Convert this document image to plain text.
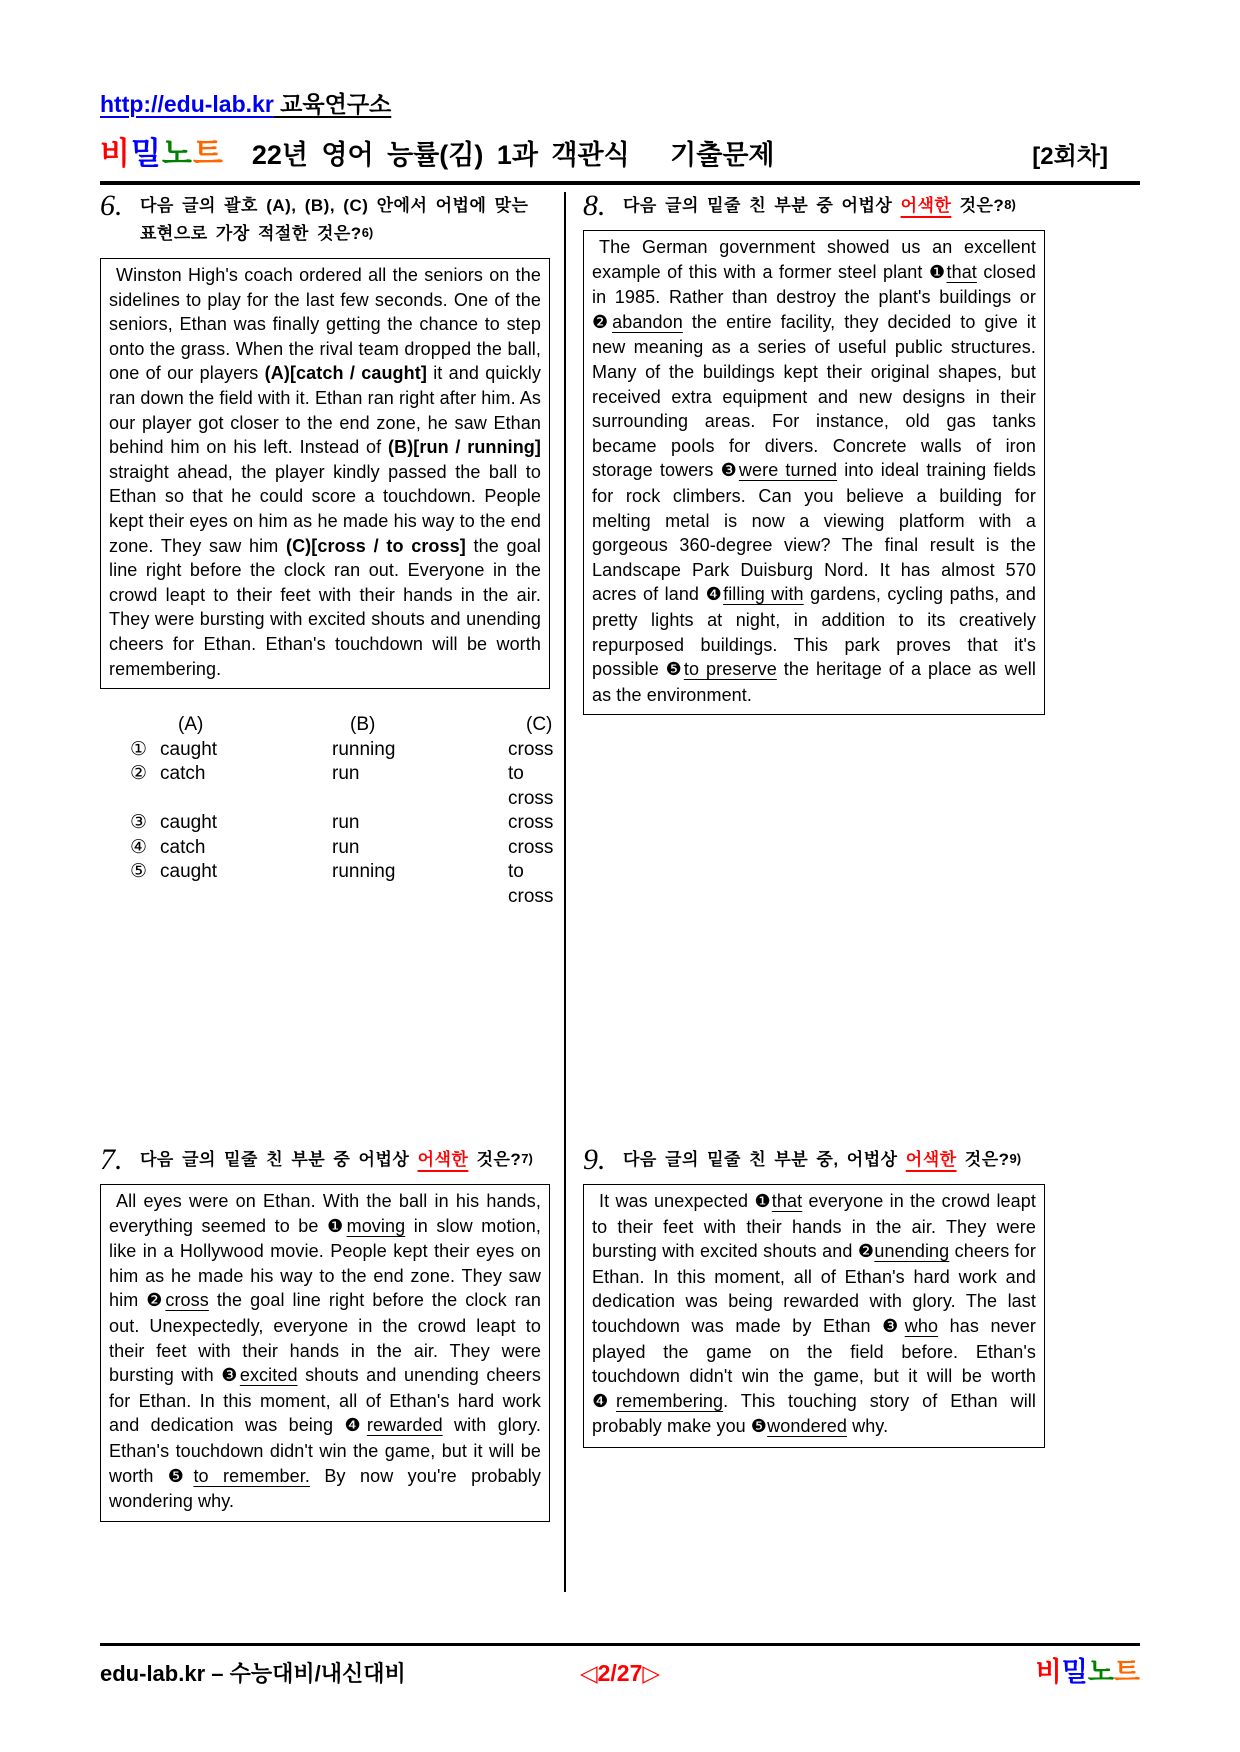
http://edu-lab.kr 교육연구소
비밀노트 22년 영어 능률(김) 1과 객관식   기출문제	[2회차]
6.	다음 글의 괄호 (A), (B), (C) 안에서 어법에 맞는 표현으로 가장 적절한 것은?6)
Winston High's coach ordered all the seniors on the sidelines to play for the last few seconds. One of the seniors, Ethan was finally getting the chance to step onto the grass. When the rival team dropped the ball, one of our players (A)[catch / caught] it and quickly ran down the field with it. Ethan ran right after him. As our player got closer to the end zone, he saw Ethan behind him on his left. Instead of (B)[run / running] straight ahead, the player kindly passed the ball to Ethan so that he could score a touchdown. People kept their eyes on him as he made his way to the end zone. They saw him (C)[cross / to cross] the goal line right before the clock ran out. Everyone in the crowd leapt to their feet with their hands in the air. They were bursting with excited shouts and unending cheers for Ethan. Ethan's touchdown will be worth remembering.
(A)	(B)	(C)
① caught	running	cross
② catch	run	to cross
③ caught	run	cross
④ catch	run	cross
⑤ caught	running	to cross
8.	다음 글의 밑줄 친 부분 중 어법상 어색한 것은?8)
The German government showed us an excellent example of this with a former steel plant ❶that closed in 1985. Rather than destroy the plant's buildings or ❷abandon the entire facility, they decided to give it new meaning as a series of useful public structures. Many of the buildings kept their original shapes, but received extra equipment and new designs in their surrounding areas. For instance, old gas tanks became pools for divers. Concrete walls of iron storage towers ❸were turned into ideal training fields for rock climbers. Can you believe a building for melting metal is now a viewing platform with a gorgeous 360-degree view? The final result is the Landscape Park Duisburg Nord. It has almost 570 acres of land ❹filling with gardens, cycling paths, and pretty lights at night, in addition to its creatively repurposed buildings. This park proves that it's possible ❺to preserve the heritage of a place as well as the environment.
7.	다음 글의 밑줄 친 부분 중 어법상 어색한 것은?7)
All eyes were on Ethan. With the ball in his hands, everything seemed to be ❶moving in slow motion, like in a Hollywood movie. People kept their eyes on him as he made his way to the end zone. They saw him ❷cross the goal line right before the clock ran out. Unexpectedly, everyone in the crowd leapt to their feet with their hands in the air. They were bursting with ❸excited shouts and unending cheers for Ethan. In this moment, all of Ethan's hard work and dedication was being ❹rewarded with glory. Ethan's touchdown didn't win the game, but it will be worth ❺to remember. By now you're probably wondering why.
9.	다음 글의 밑줄 친 부분 중, 어법상 어색한 것은?9)
It was unexpected ❶that everyone in the crowd leapt to their feet with their hands in the air. They were bursting with excited shouts and ❷unending cheers for Ethan. In this moment, all of Ethan's hard work and dedication was being rewarded with glory. The last touchdown was made by Ethan ❸who has never played the game on the field before. Ethan's touchdown didn't win the game, but it will be worth ❹remembering. This touching story of Ethan will probably make you ❺wondered why.
edu-lab.kr – 수능대비/내신대비	◁2/27▷	비밀노트
